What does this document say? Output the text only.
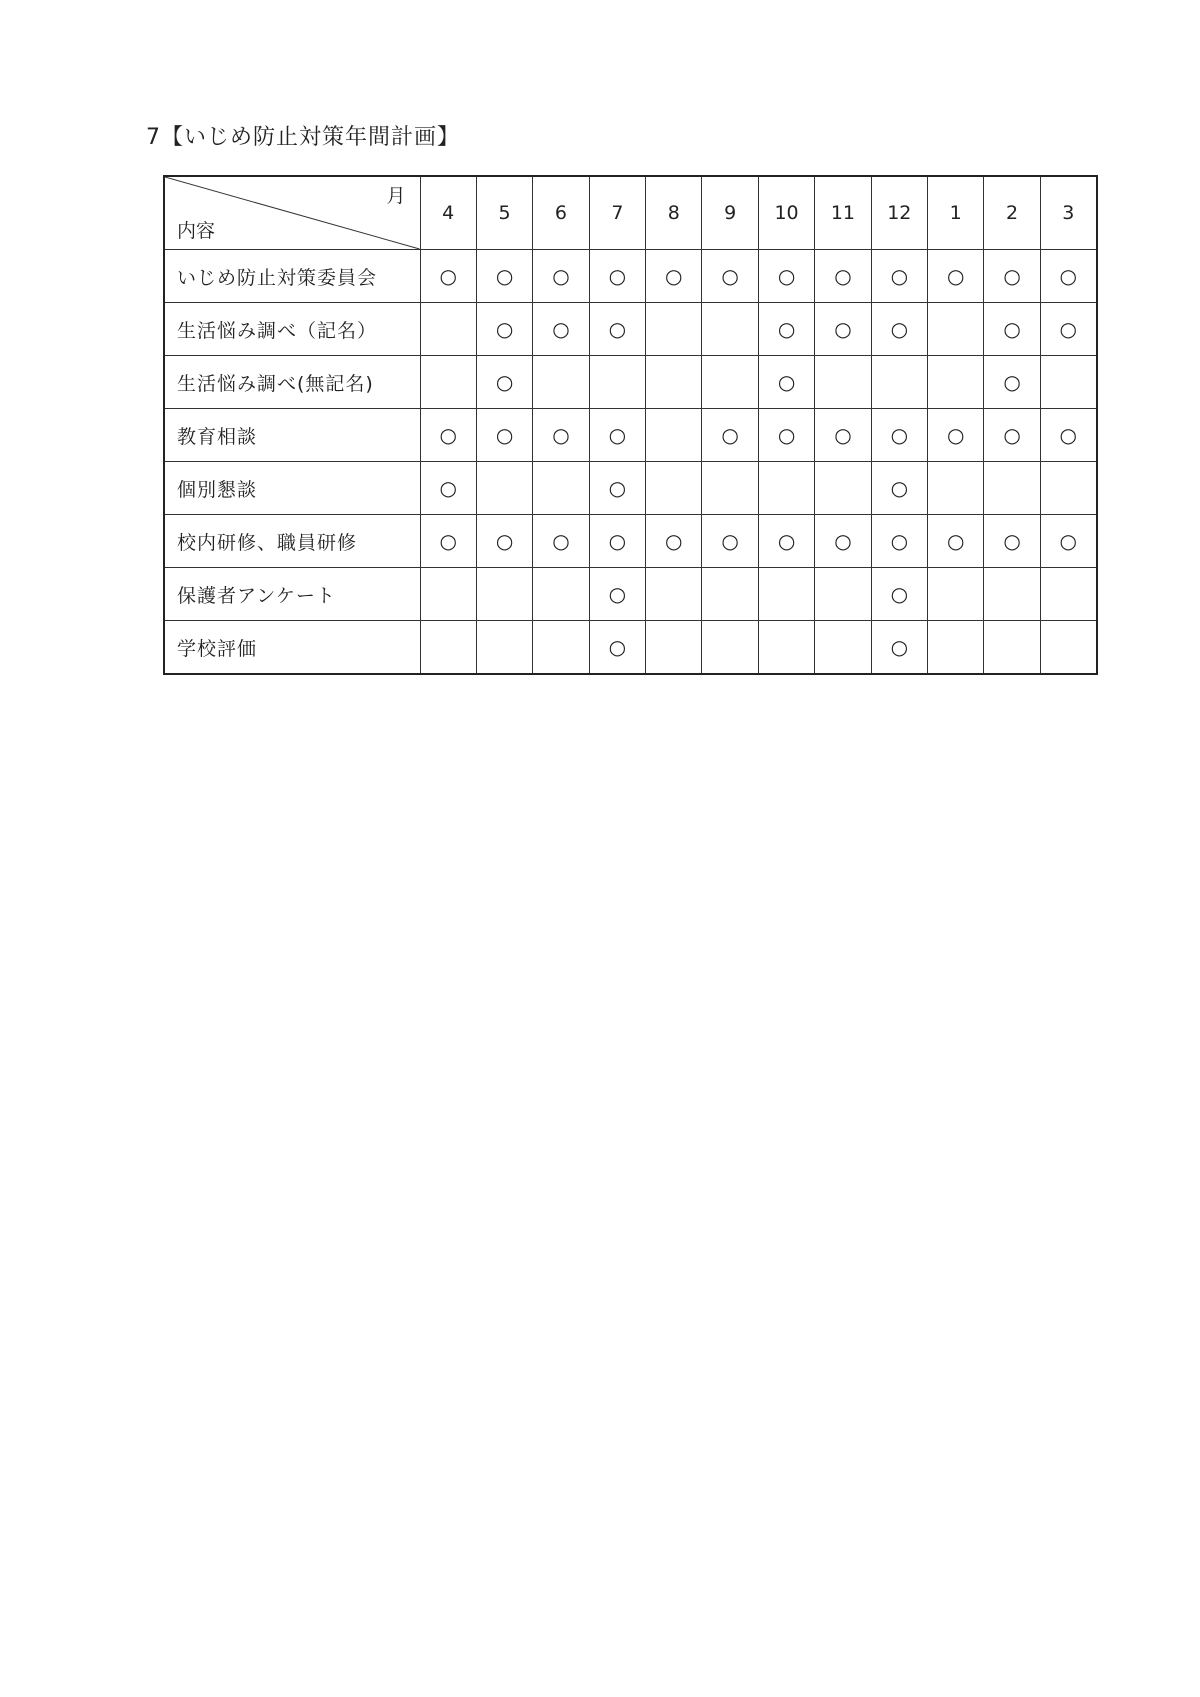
7【いじめ防止対策年間計画】
月
内容	4	5	6	7	8	9	10	11	12	1	2	3
いじめ防止対策委員会	○	○	○	○	○	○	○	○	○	○	○	○
生活悩み調べ（記名）		○	○	○			○	○	○		○	○
生活悩み調べ(無記名)		○					○				○	
教育相談	○	○	○	○		○	○	○	○	○	○	○
個別懇談	○			○					○			
校内研修、職員研修	○	○	○	○	○	○	○	○	○	○	○	○
保護者アンケート				○					○			
学校評価				○					○			
